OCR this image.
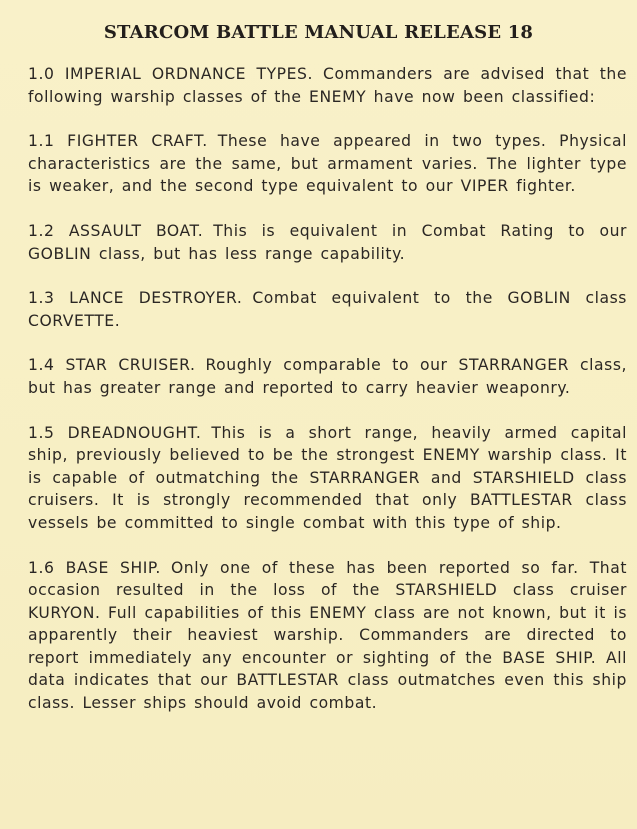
STARCOM BATTLE MANUAL RELEASE 18

1.0 IMPERIAL ORDNANCE TYPES. Commanders are advised that the following warship classes of the ENEMY have now been classified:

1.1 FIGHTER CRAFT. These have appeared in two types. Physical characteristics are the same, but armament varies. The lighter type is weaker, and the second type equivalent to our VIPER fighter.

1.2 ASSAULT BOAT. This is equivalent in Combat Rating to our GOBLIN class, but has less range capability.

1.3 LANCE DESTROYER. Combat equivalent to the GOBLIN class CORVETTE.

1.4 STAR CRUISER. Roughly comparable to our STARRANGER class, but has greater range and reported to carry heavier weaponry.

1.5 DREADNOUGHT. This is a short range, heavily armed capital ship, previously believed to be the strongest ENEMY warship class. It is capable of outmatching the STARRANGER and STARSHIELD class cruisers. It is strongly recommended that only BATTLESTAR class vessels be committed to single combat with this type of ship.

1.6 BASE SHIP. Only one of these has been reported so far. That occasion resulted in the loss of the STARSHIELD class cruiser KURYON. Full capabilities of this ENEMY class are not known, but it is apparently their heaviest warship. Commanders are directed to report immediately any encounter or sighting of the BASE SHIP. All data indicates that our BATTLESTAR class outmatches even this ship class. Lesser ships should avoid combat.
